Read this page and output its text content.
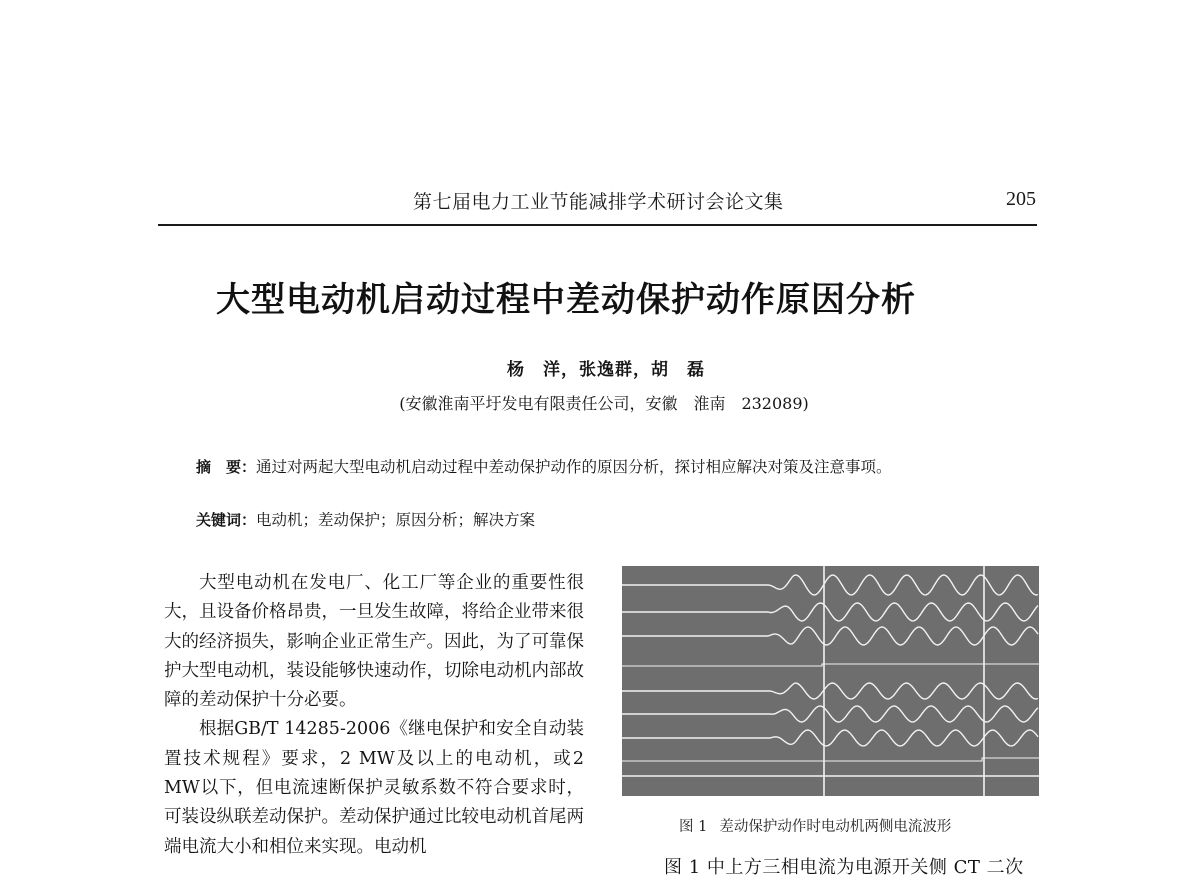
第七届电力工业节能减排学术研讨会论文集	205
大型电动机启动过程中差动保护动作原因分析
杨　洋，张逸群，胡　磊
(安徽淮南平圩发电有限责任公司，安徽　淮南　232089)
摘　要：通过对两起大型电动机启动过程中差动保护动作的原因分析，探讨相应解决对策及注意事项。
关键词：电动机；差动保护；原因分析；解决方案

大型电动机在发电厂、化工厂等企业的重要性很大，且设备价格昂贵，一旦发生故障，将给企业带来很大的经济损失，影响企业正常生产。因此，为了可靠保护大型电动机，装设能够快速动作，切除电动机内部故障的差动保护十分必要。

根据GB/T 14285-2006《继电保护和安全自动装置技术规程》要求，2 MW及以上的电动机，或2 MW以下，但电流速断保护灵敏系数不符合要求时，可装设纵联差动保护。差动保护通过比较电动机首尾两端电流大小和相位来实现。电动机

图 1 差动保护动作时电动机两侧电流波形
图 1 中上方三相电流为电源开关侧 CT 二次
